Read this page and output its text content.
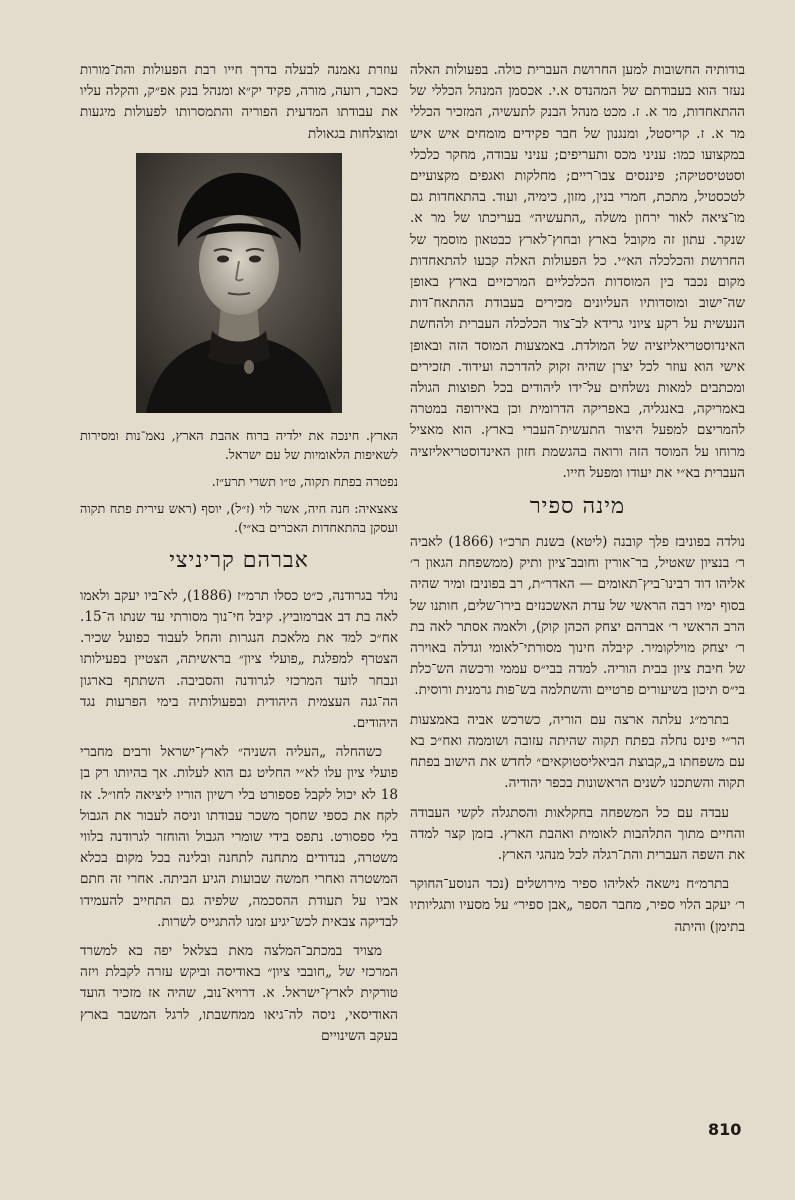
בודותיה החשובות למען החרושת העברית כולה. בפעולות האלה נעזר הוא בעבודתם של המהנדס א.י. אכסמן המנהל הכללי של ההתאחדות, מר א. ז. מכט מנהל הבנק לתעשיה, המזכיר הכללי מר א. ז. קריסטל, ומנגנון של חבר פקידים מומחים איש איש במקצועו כמו: עניני מכס ותעריפים; עניני עבודה, מחקר כלכלי וסטטיסטיקה; פיננסים צבו־ריים; מחלקות ואגפים מקצועיים לטכסטיל, מתכת, חמרי בנין, מזון, כימיה, ועוד. בהתאחדות גם מו־ציאה לאור ירחון משלה „התעשיה״ בעריכתו של מר א. שנקר. עתון זה מקובל בארץ ובחוץ־לארץ כבטאון מוסמך של החרושת והכלכלה הא״י. כל הפעולות האלה קבעו להתאחדות מקום נכבד בין המוסדות הכלכליים המרכזיים בארץ באופן שה־ישוב ומוסדותיו העליונים מכירים בעבודת ההתאח־דות הנעשית על רקע ציוני גרידא לב־צור הכלכלה העברית ולהחשת האינדוסטריאליזציה של המולדת. באמצעות המוסד הזה ובאופן אישי הוא עוזר לכל יצרן שהיה זקוק להדרכה ועידוד. תזכירים ומכתבים למאות נשלחים על־ידו ליהודים בכל תפוצות הגולה באמריקה, באנגליה, באפריקה הדרומית וכן באירופה במטרה להמריצם למפעל היצור התעשית־העברי בארץ. הוא מאציל מרוחו על המוסד הזה ורואה בהגשמת חזון האינדוסטריאליזציה העברית בא״י את יעודו ומפעל חייו.

מינה ספיר

נולדה בפוניבז פלך קובנה (ליטא) בשנת תרכ״ו (1866) לאביה ר׳ בנציון שאטיל, בר־אורין וחובב־ציון ותיק (ממשפחת הגאון ר׳ אליהו דוד רבינו־ביץ־תאומים — האדר״ת, רב בפוניבז ומיר שהיה בסוף ימיו רבה הראשי של עדת האשכנזים בירו־שלים, חותנו של הרב הראשי ר׳ אברהם יצחק הכהן קוק), ולאמה אסתר לאה בת ר׳ יצחק מוילקומיר. קיבלה חינוך מסורתי־לאומי וגדלה באוירה של חיבת ציון בבית הוריה. למדה בבי״ס עממי ורכשה הש־כלת בי״ס תיכון בשיעורים פרטיים והשתלמה בש־פות גרמנית ורוסית.

בתרמ״ג עלתה ארצה עם הוריה, כשרכש אביה באמצעות הר״י פינס נחלה בפתח תקוה שהיתה עזובה ושוממה ואח״כ בא עם משפחתו ב„קבוצת הביאליסטוקאים״ לחדש את הישוב בפתח תקוה והשתכנו לשנים הראשונות בכפר יהודיה.

עבדה עם כל המשפחה בחקלאות והסתגלה לקשי העבודה והחיים מתוך התלהבות לאומית ואהבת הארץ. בזמן קצר למדה את השפה העברית והת־רגלה לכל מנהגי הארץ.

בתרמ״ח נישאה לאליהו ספיר מירושלים (נכד הנוסע־החוקר ר׳ יעקב הלוי ספיר, מחבר הספר „אבן ספיר״ על מסעיו ותגליותיו בתימן) והיתה

עוזרת נאמנה לבעלה בדרך חייו רבת הפעולות והת־מורות כאכר, רועה, מורה, פקיד יק״א ומנהל בנק אפ״ק, והקלה עליו את עבודתו המדעית הפוריה והתמסרותו לפעולות מיגעות ומוצלחות בגאולת

הארץ. חינכה את ילדיה ברוח אהבת הארץ, נאמ־נות ומסירות לשאיפות הלאומיות של עם ישראל.

נפטרה בפתח תקוה, ט״ו תשרי תרע״ז.

צאצאיה: חנה חיה, אשר לוי (ז״ל), יוסף (ראש עירית פתח תקוה ועסקן בהתאחדות האכרים בא״י).

אברהם קריניצי

נולד בגרודנה, כ״ט כסלו תרמ״ז (1886), לא־ביו יעקב ולאמו לאה בת דב אברמוביץ. קיבל חי־נוך מסורתי עד שנתו ה־15. אח״כ למד את מלאכת הנגרות והחל לעבוד כפועל שכיר. הצטרף למפלגת „פועלי ציון״ בראשיתה, הצטיין בפעילותו ונבחר לועד המרכזי לגרודנה והסביבה. השתתף בארגון הה־גנה העצמית היהודית ובפעולותיה בימי הפרעות נגד היהודים.

כשהחלה „העליה השניה״ לארץ־ישראל ורבים מחברי פועלי ציון עלו לא״י החליט גם הוא לעלות. אך בהיותו רק בן 18 לא יכול לקבל פספורט בלי רשיון הוריו ליציאה לחו״ל. אז לקח את כספי שחסך משכר עבודתו וניסה לעבור את הגבול בלי ספסורט. נתפס בידי שומרי הגבול והוחזר לגרודנה בלווי משטרה, בנדודים מתחנה לתחנה ובלינה בכל מקום בכלא המשטרה ואחרי חמשה שבועות הגיע הביתה. אחרי זה חתם אביו על תעודת ההסכמה, שלפיה גם התחייב להעמידו לבדיקה צבאית לכש־יגיע זמנו להתגייס לשרות.

מצויד במכתב־המלצה מאת בצלאל יפה בא למשרד המרכזי של „חובבי ציון״ באודיסה וביקש עזרה לקבלת ויזה טורקית לארץ־ישראל. א. דרויא־נוב, שהיה אז מזכיר הועד האודיסאי, ניסה לה־גיאו ממחשבתו, לרגל המשבר בארץ בעקב השינויים

810
